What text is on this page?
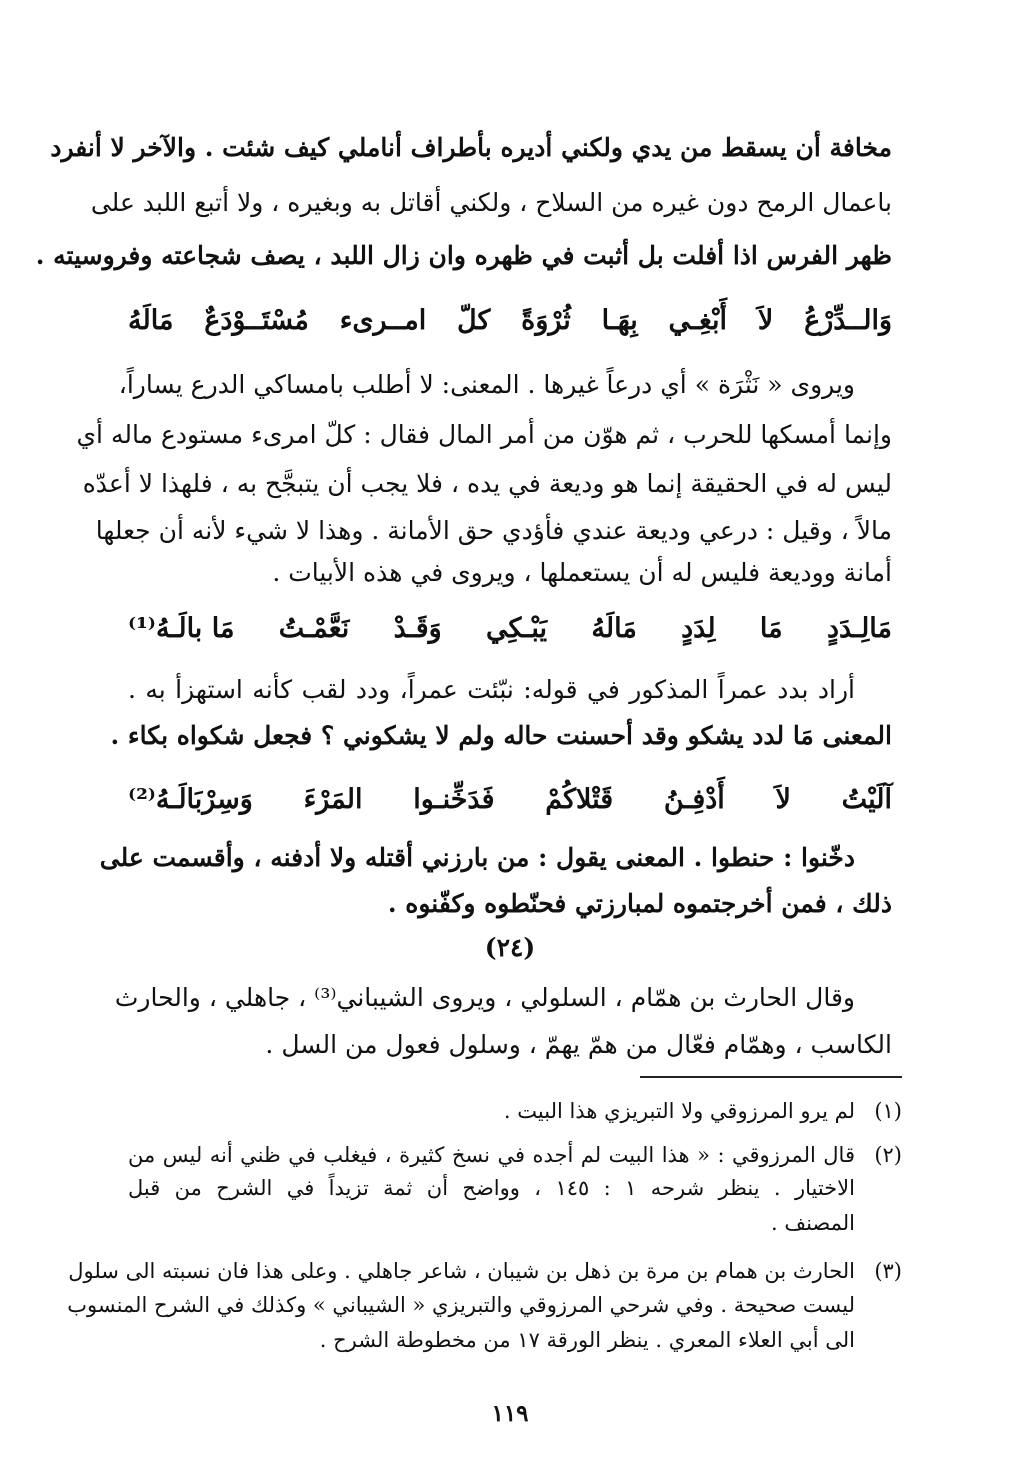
مخافة أن يسقط من يدي ولكني أديره بأطراف أناملي كيف شئت . والآخر لا أنفرد
باعمال الرمح دون غيره من السلاح ، ولكني أقاتل به وبغيره ، ولا أتبع اللبد على
ظهر الفرس اذا أفلت بل أثبت في ظهره وان زال اللبد ، يصف شجاعته وفروسيته .
وَالــدِّرْعُ
لاَ
أَبْغِـي
بِهَـا
ثُرْوَةً
كلّ
امــرىء
مُسْتَــوْدَعٌ
مَالَهُ
ويروى « نَثْرَة » أي درعاً غيرها . المعنى: لا أطلب بامساكي الدرع يساراً،
وإنما أمسكها للحرب ، ثم هوّن من أمر المال فقال : كلّ امرىء مستودع ماله أي
ليس له في الحقيقة إنما هو وديعة في يده ، فلا يجب أن يتبجَّح به ، فلهذا لا أعدّه
مالاً ، وقيل : درعي وديعة عندي فأؤدي حق الأمانة . وهذا لا شيء لأنه أن جعلها
أمانة ووديعة فليس له أن يستعملها ، ويروى في هذه الأبيات .
مَالِـدَدٍ
مَا
لِدَدٍ
مَالَهُ
يَبْـكِي
وَقَـدْ
نَعَّمْـتُ
مَا بالَـهُ⁽¹⁾
أراد بدد عمراً المذكور في قوله: نبّئت عمراً، ودد لقب كأنه استهزأ به .
المعنى مَا لدد يشكو وقد أحسنت حاله ولم لا يشكوني ؟ فجعل شكواه بكاء .
آلَيْتُ
لاَ
أَدْفِـنُ
قَتْلاكُمْ
فَدَخِّنـوا
المَرْءَ
وَسِرْبَالَـهُ⁽²⁾
دخّنوا : حنطوا . المعنى يقول : من بارزني أقتله ولا أدفنه ، وأقسمت على
ذلك ، فمن أخرجتموه لمبارزتي فحنّطوه وكفّنوه .
(٢٤)
وقال الحارث بن همّام ، السلولي ، ويروى الشيباني⁽³⁾ ، جاهلي ، والحارث
الكاسب ، وهمّام فعّال من همّ يهمّ ، وسلول فعول من السل .
(١)
لم يرو المرزوقي ولا التبريزي هذا البيت .
(٢)
قال المرزوقي : « هذا البيت لم أجده في نسخ كثيرة ، فيغلب في ظني أنه ليس من
الاختيار . ينظر شرحه ١ : ١٤٥ ، وواضح أن ثمة تزيداً في الشرح من قبل
المصنف .
(٣)
الحارث بن همام بن مرة بن ذهل بن شيبان ، شاعر جاهلي . وعلى هذا فان نسبته الى سلول
ليست صحيحة . وفي شرحي المرزوقي والتبريزي « الشيباني » وكذلك في الشرح المنسوب
الى أبي العلاء المعري . ينظر الورقة ١٧ من مخطوطة الشرح .
١١٩
